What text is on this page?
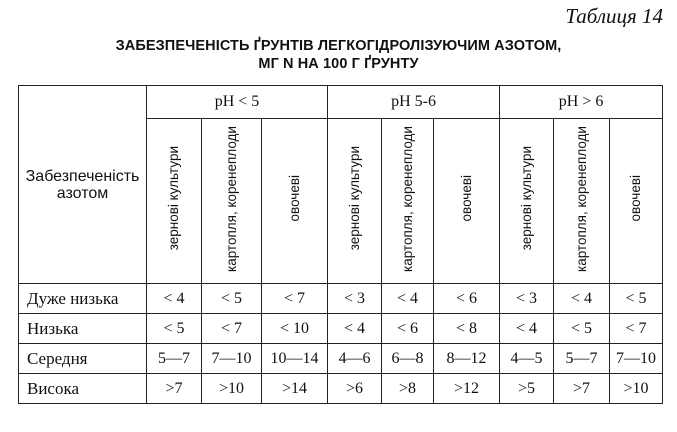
Таблиця 14
ЗАБЕЗПЕЧЕНІСТЬ ҐРУНТІВ ЛЕГКОГІДРОЛІЗУЮЧИМ АЗОТОМ,
МГ N НА 100 Г ҐРУНТУ
Забезпеченість азотом	pH < 5			pH 5-6			pH > 6		
	зернові культури	картопля, коренеплоди	овочеві	зернові культури	картопля, коренеплоди	овочеві	зернові культури	картопля, коренеплоди	овочеві
Дуже низька	< 4	< 5	< 7	< 3	< 4	< 6	< 3	< 4	< 5
Низька	< 5	< 7	< 10	< 4	< 6	< 8	< 4	< 5	< 7
Середня	5—7	7—10	10—14	4—6	6—8	8—12	4—5	5—7	7—10
Висока	>7	>10	>14	>6	>8	>12	>5	>7	>10
